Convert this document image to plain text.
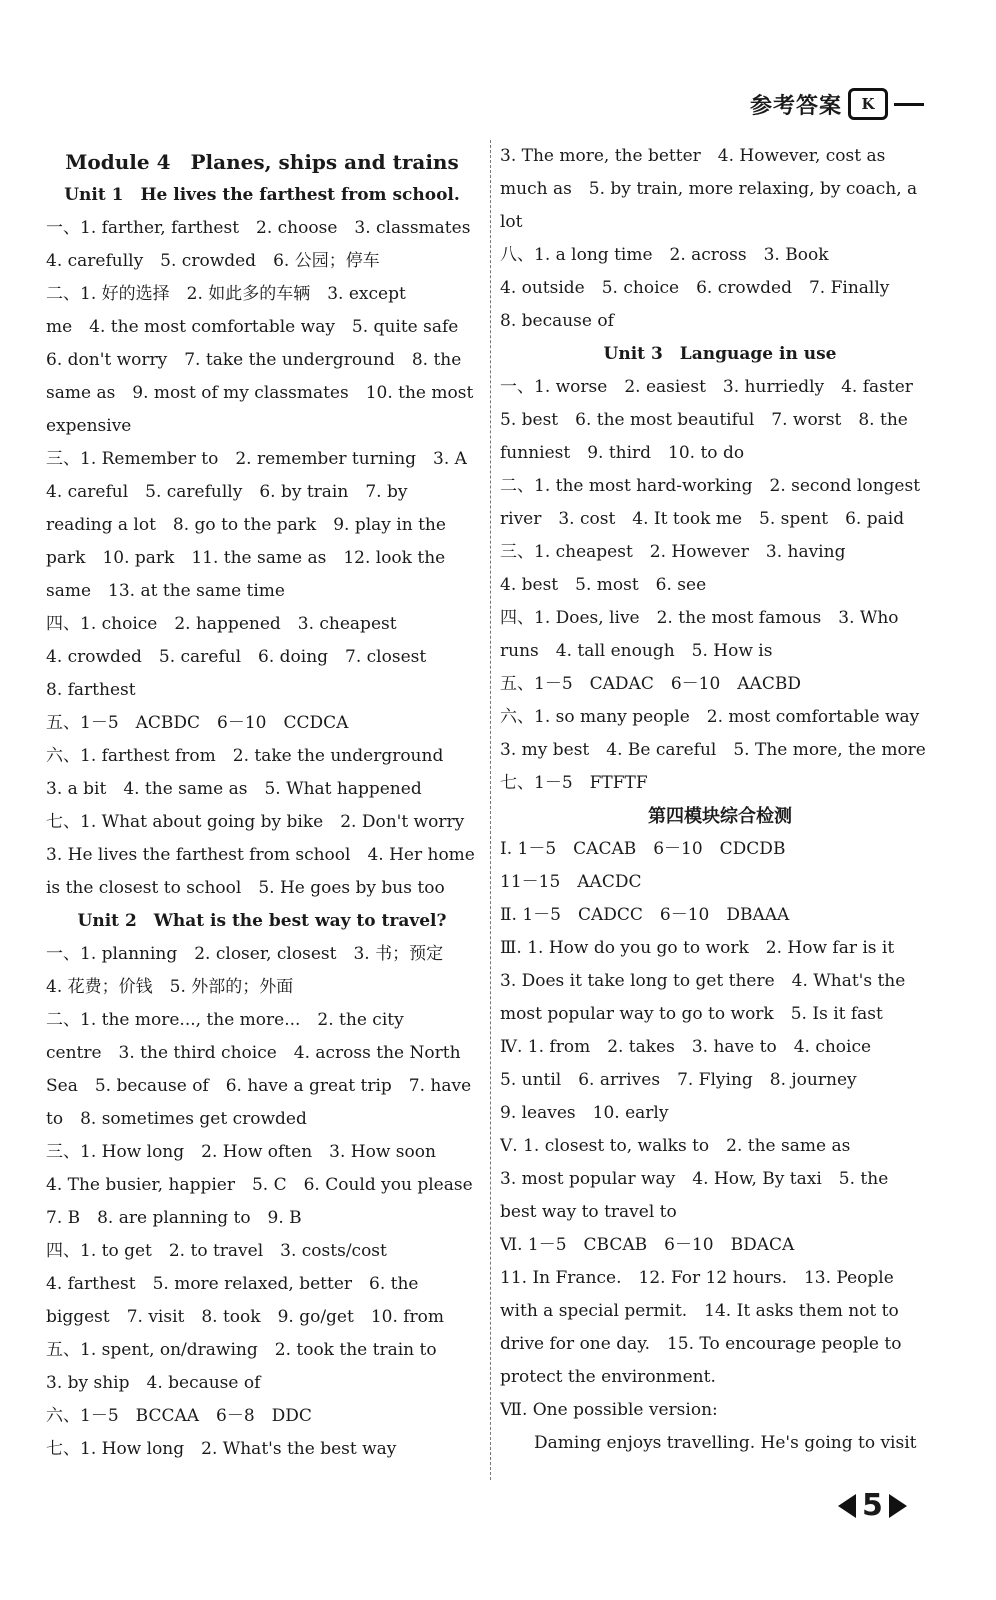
参考答案	K
Module 4　Planes, ships and trains
Unit 1　He lives the farthest from school.
一、1. farther, farthest　2. choose　3. classmates
4. carefully　5. crowded　6. 公园；停车
二、1. 好的选择　2. 如此多的车辆　3. except
me　4. the most comfortable way　5. quite safe
6. don't worry　7. take the underground　8. the
same as　9. most of my classmates　10. the most
expensive
三、1. Remember to　2. remember turning　3. A
4. careful　5. carefully　6. by train　7. by
reading a lot　8. go to the park　9. play in the
park　10. park　11. the same as　12. look the
same　13. at the same time
四、1. choice　2. happened　3. cheapest
4. crowded　5. careful　6. doing　7. closest
8. farthest
五、1－5　ACBDC　6－10　CCDCA
六、1. farthest from　2. take the underground
3. a bit　4. the same as　5. What happened
七、1. What about going by bike　2. Don't worry
3. He lives the farthest from school　4. Her home
is the closest to school　5. He goes by bus too
Unit 2　What is the best way to travel?
一、1. planning　2. closer, closest　3. 书；预定
4. 花费；价钱　5. 外部的；外面
二、1. the more..., the more...　2. the city
centre　3. the third choice　4. across the North
Sea　5. because of　6. have a great trip　7. have
to　8. sometimes get crowded
三、1. How long　2. How often　3. How soon
4. The busier, happier　5. C　6. Could you please
7. B　8. are planning to　9. B
四、1. to get　2. to travel　3. costs/cost
4. farthest　5. more relaxed, better　6. the
biggest　7. visit　8. took　9. go/get　10. from
五、1. spent, on/drawing　2. took the train to
3. by ship　4. because of
六、1－5　BCCAA　6－8　DDC
七、1. How long　2. What's the best way
3. The more, the better　4. However, cost as
much as　5. by train, more relaxing, by coach, a
lot
八、1. a long time　2. across　3. Book
4. outside　5. choice　6. crowded　7. Finally
8. because of
Unit 3　Language in use
一、1. worse　2. easiest　3. hurriedly　4. faster
5. best　6. the most beautiful　7. worst　8. the
funniest　9. third　10. to do
二、1. the most hard-working　2. second longest
river　3. cost　4. It took me　5. spent　6. paid
三、1. cheapest　2. However　3. having
4. best　5. most　6. see
四、1. Does, live　2. the most famous　3. Who
runs　4. tall enough　5. How is
五、1－5　CADAC　6－10　AACBD
六、1. so many people　2. most comfortable way
3. my best　4. Be careful　5. The more, the more
七、1－5　FTFTF
第四模块综合检测
Ⅰ. 1－5　CACAB　6－10　CDCDB
11－15　AACDC
Ⅱ. 1－5　CADCC　6－10　DBAAA
Ⅲ. 1. How do you go to work　2. How far is it
3. Does it take long to get there　4. What's the
most popular way to go to work　5. Is it fast
Ⅳ. 1. from　2. takes　3. have to　4. choice
5. until　6. arrives　7. Flying　8. journey
9. leaves　10. early
Ⅴ. 1. closest to, walks to　2. the same as
3. most popular way　4. How, By taxi　5. the
best way to travel to
Ⅵ. 1－5　CBCAB　6－10　BDACA
11. In France.　12. For 12 hours.　13. People
with a special permit.　14. It asks them not to
drive for one day.　15. To encourage people to
protect the environment.
Ⅶ. One possible version:
　　Daming enjoys travelling. He's going to visit
5
